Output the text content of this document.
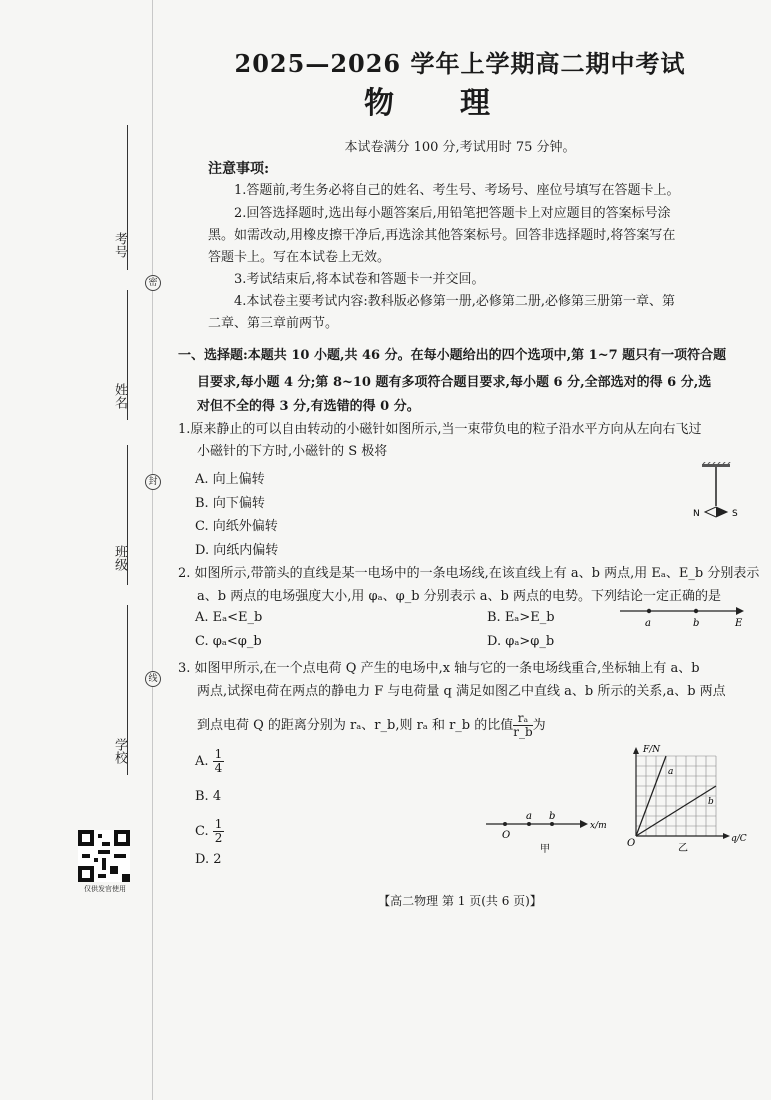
考号
姓名
班级
学校
密
封
线
仅供发官使用
2025—2026 学年上学期高二期中考试
物理
本试卷满分 100 分,考试用时 75 分钟。
注意事项:
1.答题前,考生务必将自己的姓名、考生号、考场号、座位号填写在答题卡上。
2.回答选择题时,选出每小题答案后,用铅笔把答题卡上对应题目的答案标号涂
黑。如需改动,用橡皮擦干净后,再选涂其他答案标号。回答非选择题时,将答案写在
答题卡上。写在本试卷上无效。
3.考试结束后,将本试卷和答题卡一并交回。
4.本试卷主要考试内容:教科版必修第一册,必修第二册,必修第三册第一章、第
二章、第三章前两节。
一、选择题:本题共 10 小题,共 46 分。在每小题给出的四个选项中,第 1~7 题只有一项符合题
目要求,每小题 4 分;第 8~10 题有多项符合题目要求,每小题 6 分,全部选对的得 6 分,选
对但不全的得 3 分,有选错的得 0 分。
1.原来静止的可以自由转动的小磁针如图所示,当一束带负电的粒子沿水平方向从左向右飞过
小磁针的下方时,小磁针的 S 极将
A. 向上偏转
B. 向下偏转
C. 向纸外偏转
D. 向纸内偏转
N	S
2. 如图所示,带箭头的直线是某一电场中的一条电场线,在该直线上有 a、b 两点,用 Eₐ、E_b 分别表示
a、b 两点的电场强度大小,用 φₐ、φ_b 分别表示 a、b 两点的电势。下列结论一定正确的是
A. Eₐ<E_b	B. Eₐ>E_b
C. φₐ<φ_b	D. φₐ>φ_b
a	b	E
3. 如图甲所示,在一个点电荷 Q 产生的电场中,x 轴与它的一条电场线重合,坐标轴上有 a、b
两点,试探电荷在两点的静电力 F 与电荷量 q 满足如图乙中直线 a、b 所示的关系,a、b 两点
到点电荷 Q 的距离分别为 rₐ、r_b,则 rₐ 和 r_b 的比值 $\frac{\text{rₐ}}{r\_b}$ 为
A. $\frac{1}{4}$
B. 4
C. $\frac{1}{2}$
D. 2
O
a b
x/m
甲
F/N
q/C
O
a
b
乙
【高二物理 第 1 页(共 6 页)】
